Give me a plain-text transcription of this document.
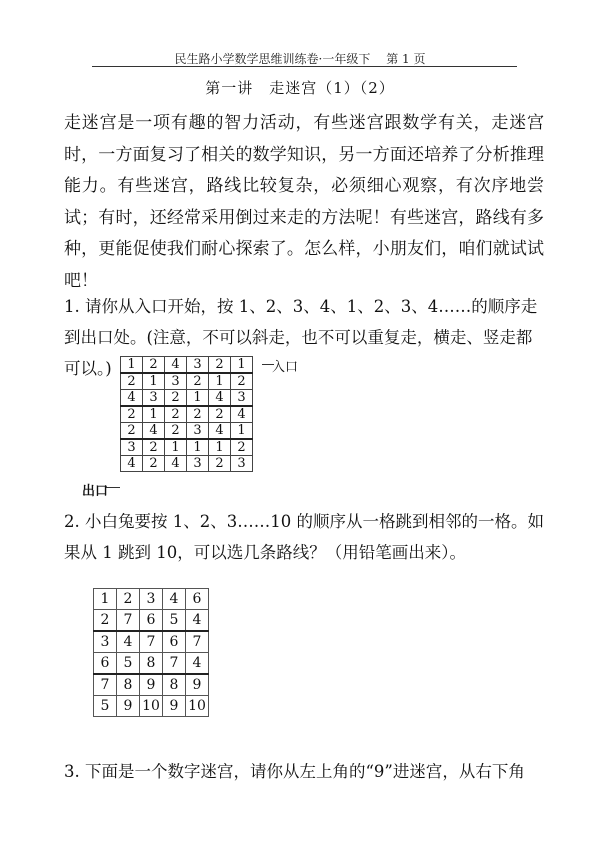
民生路小学数学思维训练卷·一年级下 第 1 页
第一讲　走迷宫（1）（2）
走迷宫是一项有趣的智力活动，有些迷宫跟数学有关，走迷宫时，一方面复习了相关的数学知识，另一方面还培养了分析推理能力。有些迷宫，路线比较复杂，必须细心观察，有次序地尝试；有时，还经常采用倒过来走的方法呢！有些迷宫，路线有多种，更能促使我们耐心探索了。怎么样，小朋友们，咱们就试试吧！
1. 请你从入口开始，按 1、2、3、4、1、2、3、4……的顺序走到出口处。(注意，不可以斜走，也不可以重复走，横走、竖走都可以。)	1	2	4	3	2	1
2	1	3	2	1	2
4	3	2	1	4	3
2	1	2	2	2	4
2	4	2	3	4	1
3	2	1	1	1	2
4	2	4	3	2	3
入口
出口
2. 小白兔要按 1、2、3……10 的顺序从一格跳到相邻的一格。如果从 1 跳到 10，可以选几条路线？（用铅笔画出来）。
1	2	3	4	6
2	7	6	5	4
3	4	7	6	7
6	5	8	7	4
7	8	9	8	9
5	9	10	9	10
3. 下面是一个数字迷宫，请你从左上角的“9”进迷宫，从右下角
